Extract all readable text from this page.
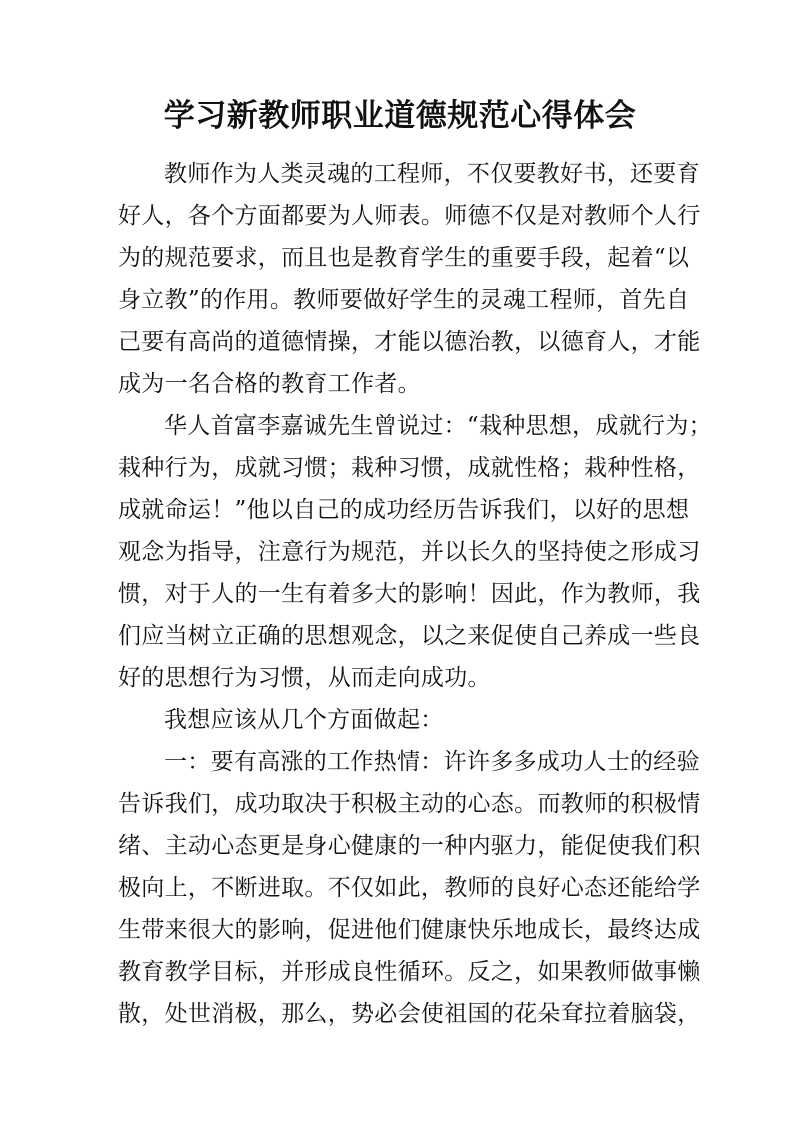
学习新教师职业道德规范心得体会
教师作为人类灵魂的工程师，不仅要教好书，还要育
好人，各个方面都要为人师表。师德不仅是对教师个人行
为的规范要求，而且也是教育学生的重要手段，起着“以
身立教”的作用。教师要做好学生的灵魂工程师，首先自
己要有高尚的道德情操，才能以德治教，以德育人，才能
成为一名合格的教育工作者。
华人首富李嘉诚先生曾说过：“栽种思想，成就行为；
栽种行为，成就习惯；栽种习惯，成就性格；栽种性格，
成就命运！”他以自己的成功经历告诉我们，以好的思想
观念为指导，注意行为规范，并以长久的坚持使之形成习
惯，对于人的一生有着多大的影响！因此，作为教师，我
们应当树立正确的思想观念，以之来促使自己养成一些良
好的思想行为习惯，从而走向成功。
我想应该从几个方面做起：
一：要有高涨的工作热情：许许多多成功人士的经验
告诉我们，成功取决于积极主动的心态。而教师的积极情
绪、主动心态更是身心健康的一种内驱力，能促使我们积
极向上，不断进取。不仅如此，教师的良好心态还能给学
生带来很大的影响，促进他们健康快乐地成长，最终达成
教育教学目标，并形成良性循环。反之，如果教师做事懒
散，处世消极，那么，势必会使祖国的花朵耷拉着脑袋，
